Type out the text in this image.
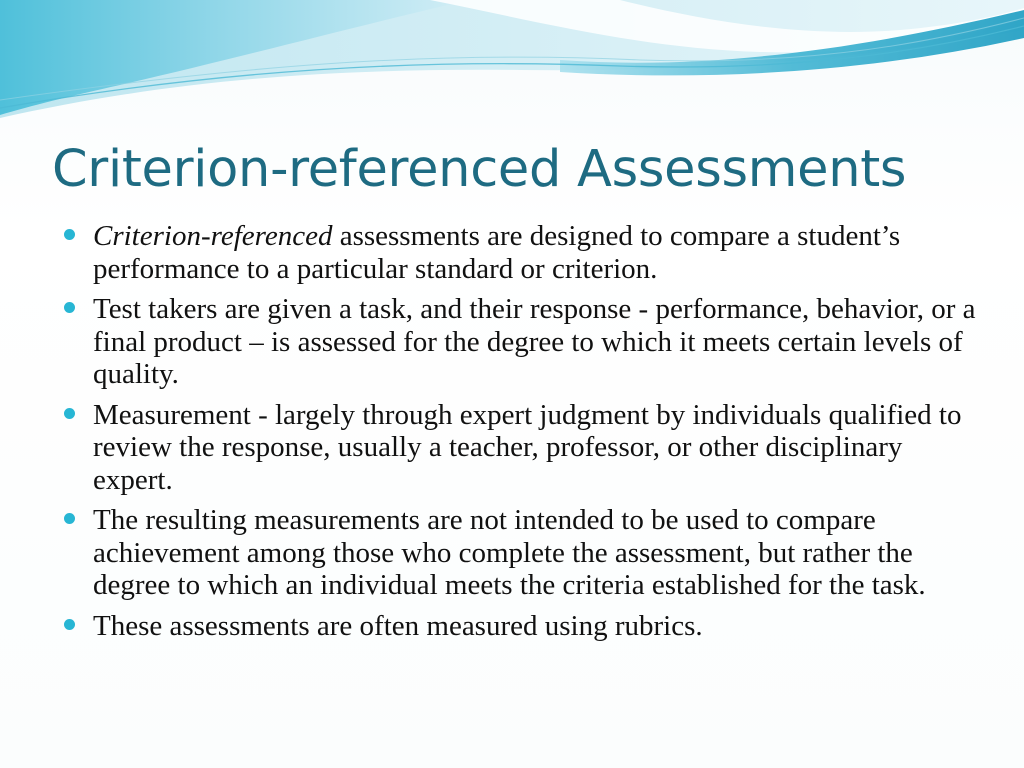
Criterion-referenced Assessments
Criterion-referenced assessments are designed to compare a student’s performance to a particular standard or criterion.
Test takers are given a task, and their response - performance, behavior, or a final product – is assessed for the degree to which it meets certain levels of quality.
Measurement - largely through expert judgment by individuals qualified to review the response, usually a teacher, professor, or other disciplinary expert.
The resulting measurements are not intended to be used to compare achievement among those who complete the assessment, but rather the degree to which an individual meets the criteria established for the task.
These assessments are often measured using rubrics.
